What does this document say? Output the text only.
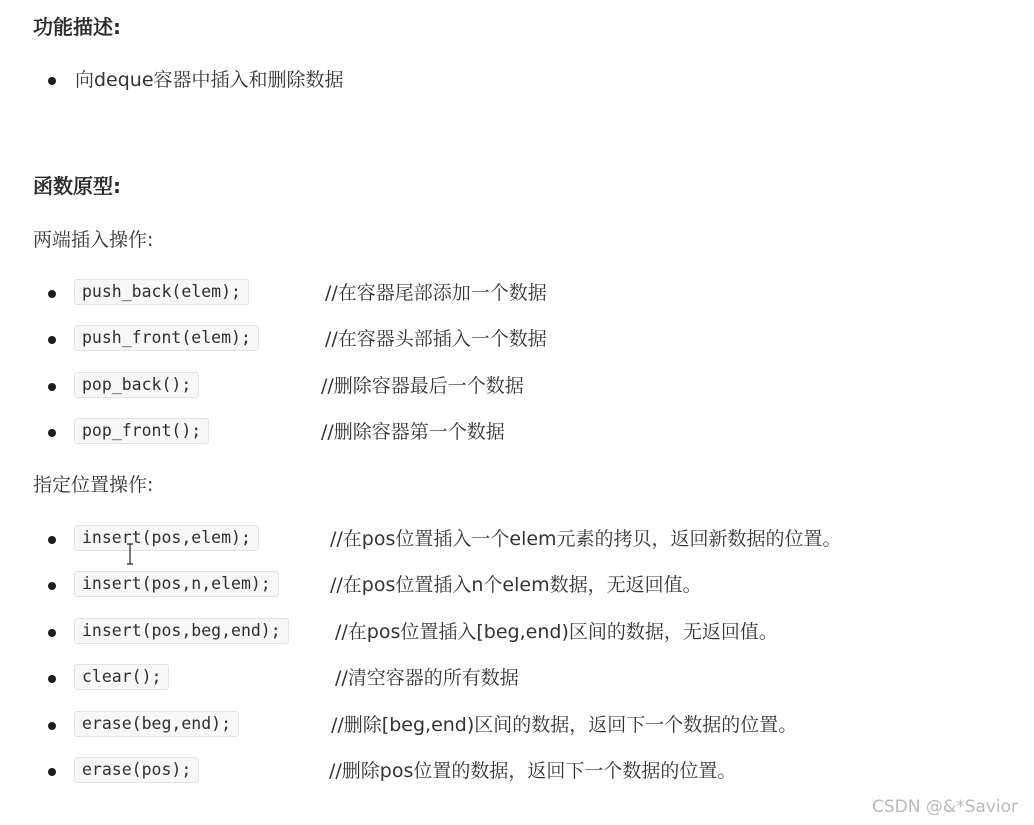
功能描述:
向deque容器中插入和删除数据
函数原型:
两端插入操作:
push_back(elem);	//在容器尾部添加一个数据
push_front(elem);	//在容器头部插入一个数据
pop_back();	//删除容器最后一个数据
pop_front();	//删除容器第一个数据
指定位置操作:
insert(pos,elem);	//在pos位置插入一个elem元素的拷贝，返回新数据的位置。
insert(pos,n,elem);	//在pos位置插入n个elem数据，无返回值。
insert(pos,beg,end);	//在pos位置插入[beg,end)区间的数据，无返回值。
clear();	//清空容器的所有数据
erase(beg,end);	//删除[beg,end)区间的数据，返回下一个数据的位置。
erase(pos);	//删除pos位置的数据，返回下一个数据的位置。
CSDN @&*Savior
